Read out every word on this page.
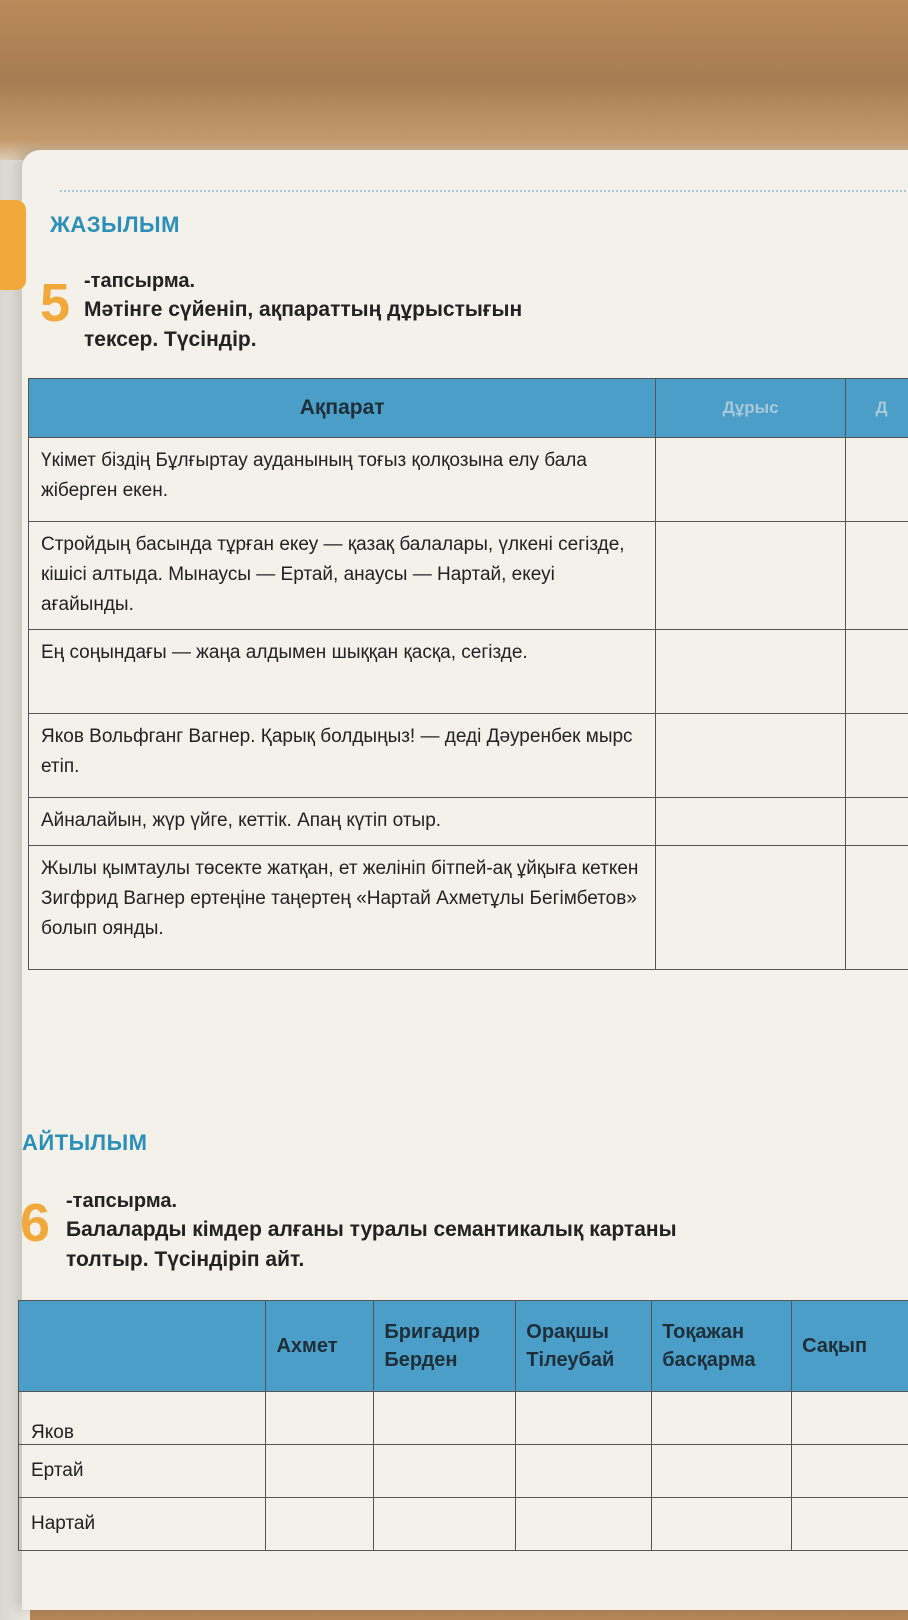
ЖАЗЫЛЫМ
5 -тапсырма.
Мәтінге сүйеніп, ақпараттың дұрыстығын
тексер. Түсіндір.
Ақпарат	Дұрыс	Д
Үкімет біздің Бұлғыртау ауданының тоғыз қолқозына елу бала жіберген екен.		
Стройдың басында тұрған екеу — қазақ балалары, үлкені сегізде, кішісі алтыда. Мынаусы — Ертай, анаусы — Нартай, екеуі ағайынды.		
Ең соңындағы — жаңа алдымен шыққан қасқа, сегізде.		
Яков Вольфганг Вагнер. Қарық болдыңыз! — деді Дәуренбек мырс етіп.		
Айналайын, жүр үйге, кеттік. Апаң күтіп отыр.		
Жылы қымтаулы төсекте жатқан, ет желініп бітпей-ақ ұйқыға кеткен Зигфрид Вагнер ертеңіне таңертең «Нартай Ахметұлы Бегімбетов» болып оянды.		
АЙТЫЛЫМ
6 -тапсырма.
Балаларды кімдер алғаны туралы семантикалық картаны
толтыр. Түсіндіріп айт.
	Ахмет	Бригадир Берден	Орақшы Тілеубай	Тоқажан басқарма	Сақып
Яков					
Ертай					
Нартай					
